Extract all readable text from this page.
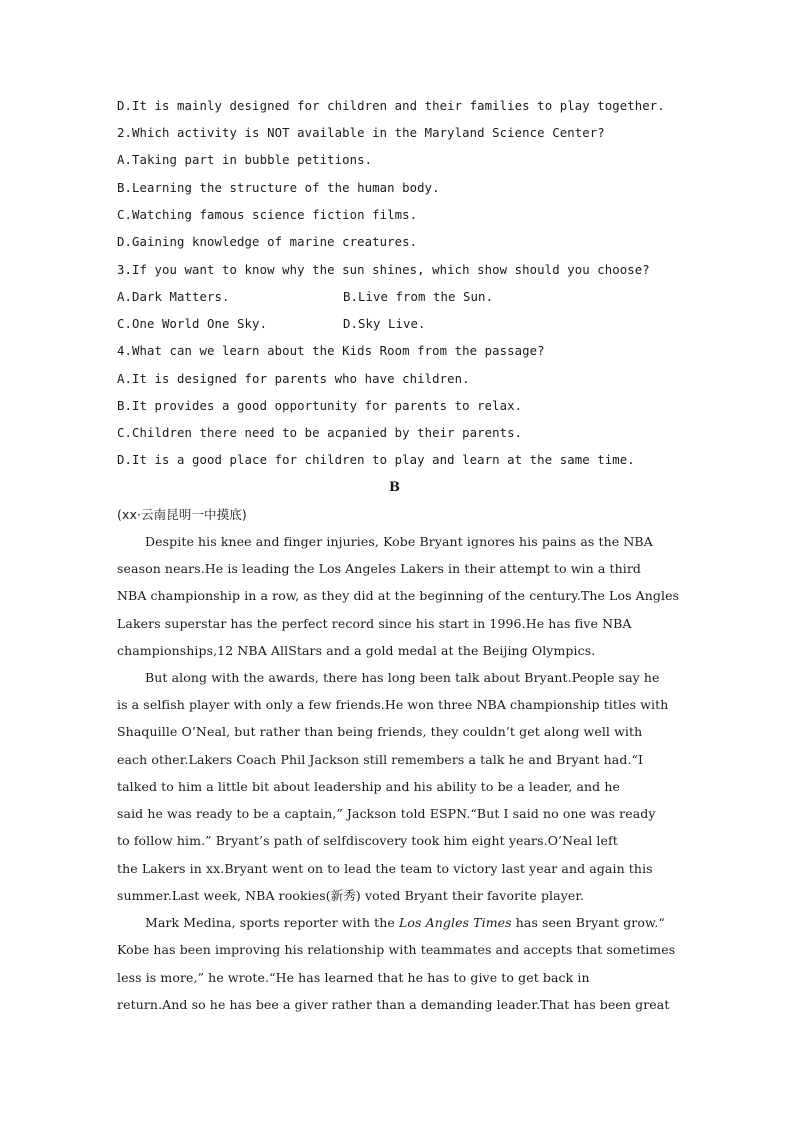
D.It is mainly designed for children and their families to play together.
2.Which activity is NOT available in the Maryland Science Center?
A.Taking part in bubble petitions.
B.Learning the structure of the human body.
C.Watching famous science fiction films.
D.Gaining knowledge of marine creatures.
3.If you want to know why the sun shines, which show should you choose?
A.Dark Matters.	B.Live from the Sun.
C.One World One Sky.	D.Sky Live.
4.What can we learn about the Kids Room from the passage?
A.It is designed for parents who have children.
B.It provides a good opportunity for parents to relax.
C.Children there need to be acpanied by their parents.
D.It is a good place for children to play and learn at the same time.
B
(xx·云南昆明一中摸底)
Despite his knee and finger injuries, Kobe Bryant ignores his pains as the NBA
season nears.He is leading the Los Angeles Lakers in their attempt to win a third
NBA championship in a row, as they did at the beginning of the century.The Los Angles
Lakers superstar has the perfect record since his start in 1996.He has five NBA
championships,12 NBA AllStars and a gold medal at the Beijing Olympics.
But along with the awards, there has long been talk about Bryant.People say he
is a selfish player with only a few friends.He won three NBA championship titles with
Shaquille O’Neal, but rather than being friends, they couldn’t get along well with
each other.Lakers Coach Phil Jackson still remembers a talk he and Bryant had.“I
talked to him a little bit about leadership and his ability to be a leader, and he
said he was ready to be a captain,” Jackson told ESPN.“But I said no one was ready
to follow him.” Bryant’s path of selfdiscovery took him eight years.O’Neal left
the Lakers in xx.Bryant went on to lead the team to victory last year and again this
summer.Last week, NBA rookies(新秀) voted Bryant their favorite player.
Mark Medina, sports reporter with the Los Angles Times has seen Bryant grow.“
Kobe has been improving his relationship with teammates and accepts that sometimes
less is more,” he wrote.“He has learned that he has to give to get back in
return.And so he has bee a giver rather than a demanding leader.That has been great
